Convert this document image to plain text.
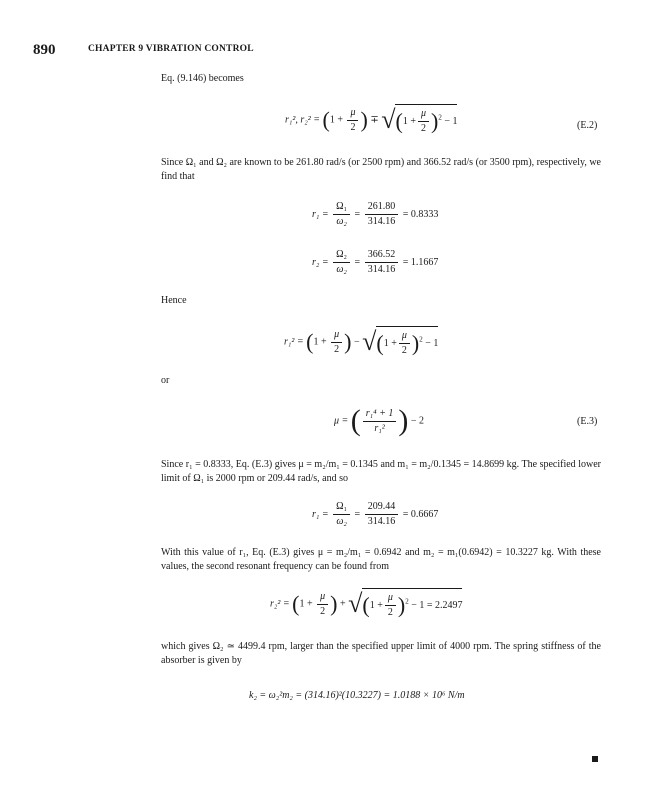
890	CHAPTER 9 VIBRATION CONTROL
Eq. (9.146) becomes
r₁², $r_2^2 = (1 + \frac{\mu}{2}$ ) ∓ $√(1 + \frac{\mu}{2} )^2 - 1$	(E.2)
Since Ω₁ and Ω₂ are known to be 261.80 rad/s (or 2500 rpm) and 366.52 rad/s (or 3500 rpm), respectively, we find that
$r_1 = \frac{\text{Ω₁}}{\text{ω₂}} = \frac{261.80}{314.16} = 0.8333$
$r_2 = \frac{\text{Ω₂}}{\text{ω₂}} = \frac{366.52}{314.16} = 1.1667$
Hence
$r_1^2 = (1 + \frac{\mu}{2}$ ) − $√(1 + \frac{\mu}{2} )^2 - 1$
or
μ = ( $\frac{\text{r₁⁴ + 1}}{\text{r₁²}}$ ) − 2	(E.3)
Since r₁ = 0.8333, Eq. (E.3) gives μ = m₂/m₁ = 0.1345 and m₁ = m₂/0.1345 = 14.8699 kg. The specified lower limit of Ω₁ is 2000 rpm or 209.44 rad/s, and so
$r_1 = \frac{\text{Ω₁}}{\text{ω₂}} = \frac{209.44}{314.16} = 0.6667$
With this value of r₁, Eq. (E.3) gives μ = m₂/m₁ = 0.6942 and m₂ = m₁(0.6942) = 10.3227 kg. With these values, the second resonant frequency can be found from
$r_2^2 = (1 + \frac{\mu}{2}$ ) + $√(1 + \frac{\mu}{2} )^2 - 1 = 2.2497$
which gives Ω₂ ≃ 4499.4 rpm, larger than the specified upper limit of 4000 rpm. The spring stiffness of the absorber is given by
k₂ = ω₂²m₂ = (314.16)²(10.3227) = 1.0188 × 10⁶ N/m
